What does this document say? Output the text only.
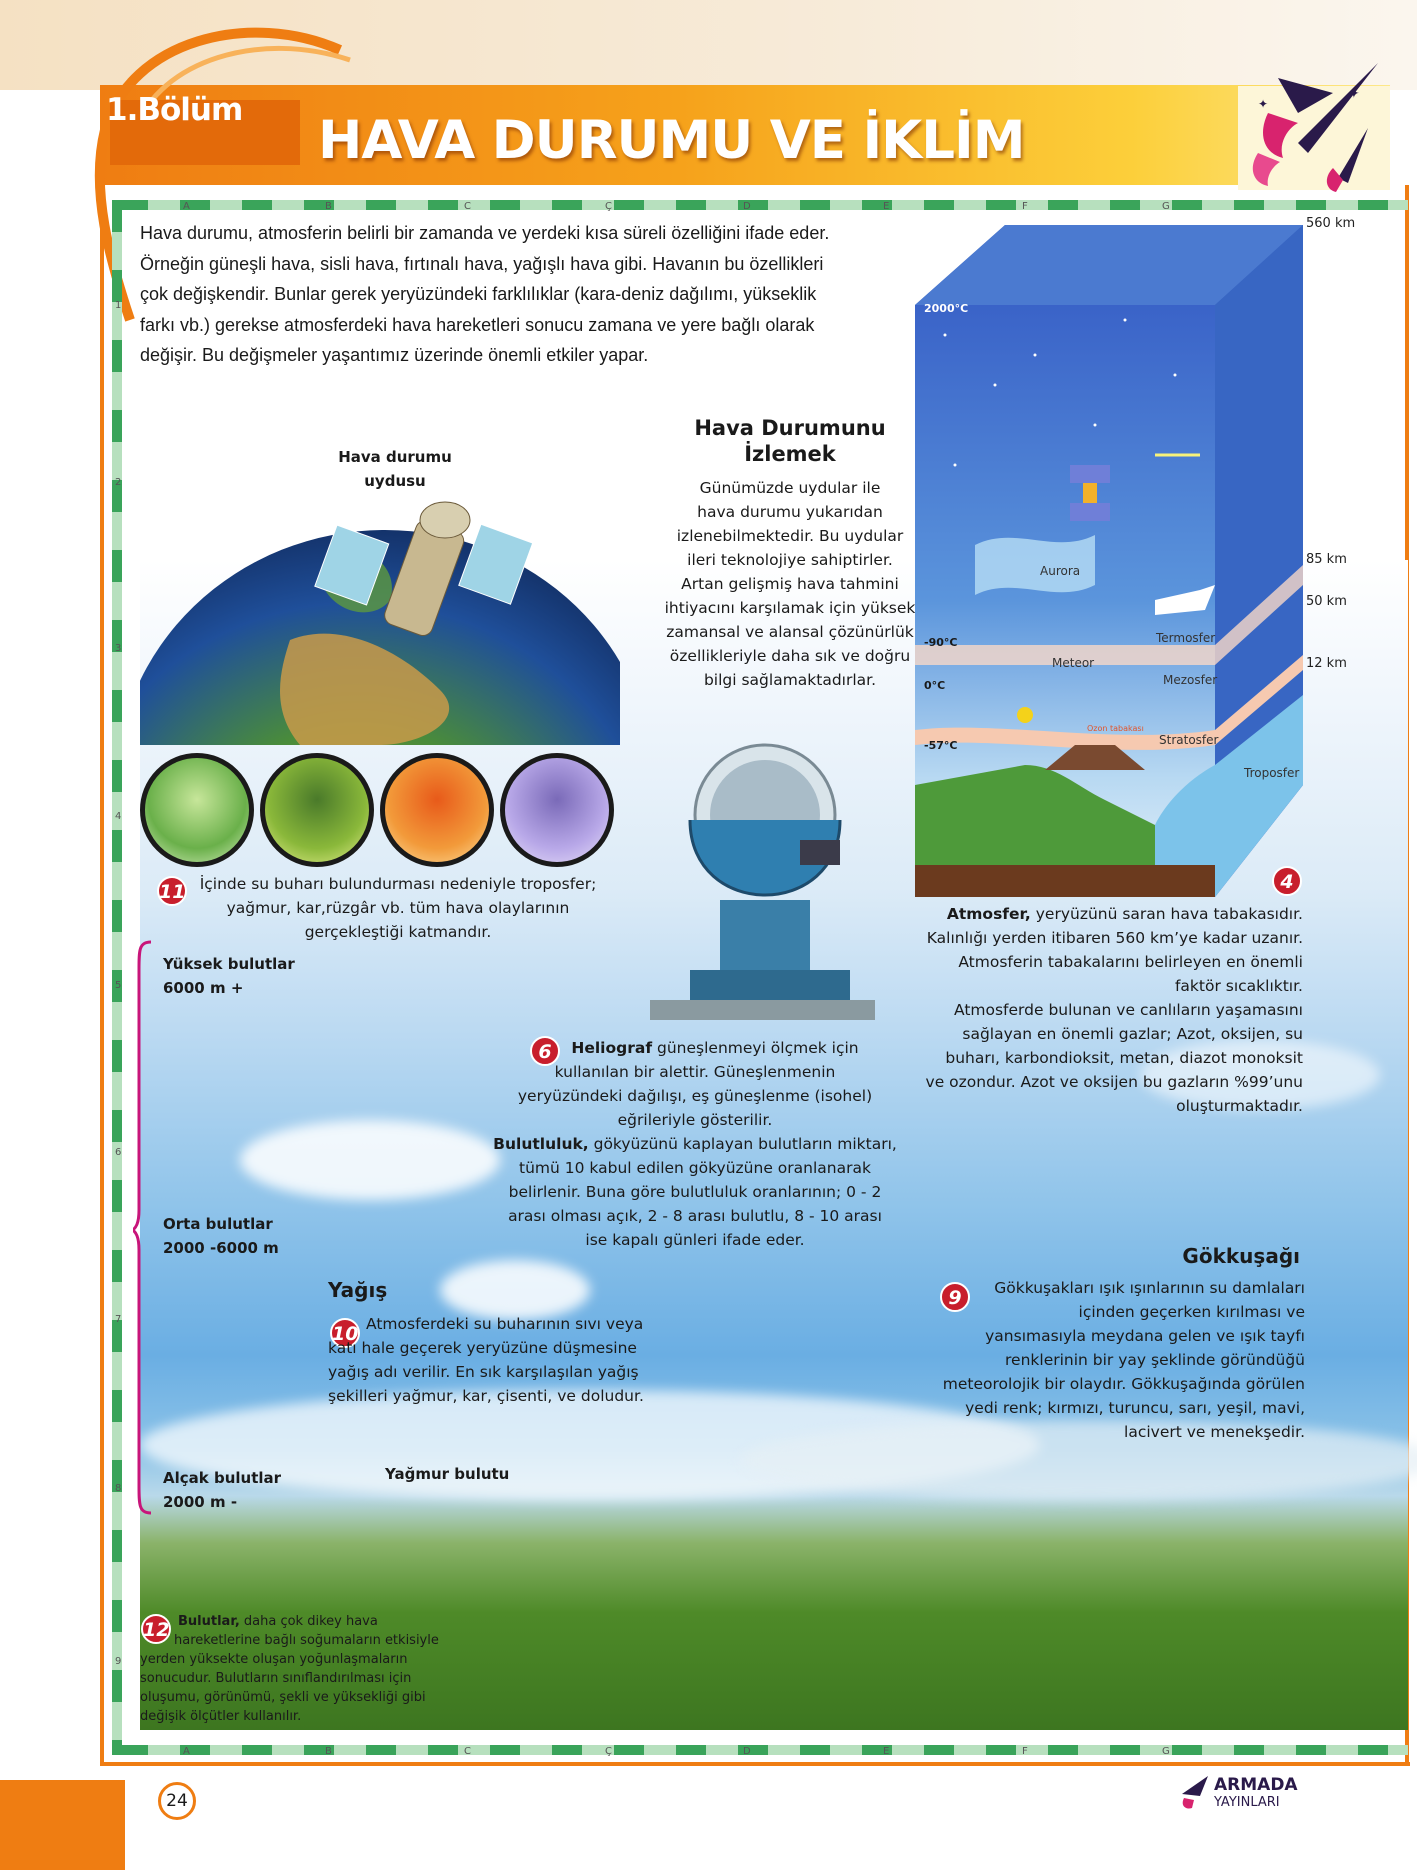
1.Bölüm HAVA DURUMU VE İKLİM
✦
✦
Hava durumu, atmosferin belirli bir zamanda ve yerdeki kısa süreli özelliğini ifade eder. Örneğin güneşli hava, sisli hava, fırtınalı hava, yağışlı hava gibi. Havanın bu özellikleri çok değişkendir. Bunlar gerek yeryüzündeki farklılıklar (kara-deniz dağılımı, yükseklik farkı vb.) gerekse atmosferdeki hava hareketleri sonucu zamana ve yere bağlı olarak değişir. Bu değişmeler yaşantımız üzerinde önemli etkiler yapar.
Hava durumu
uydusu
Hava Durumunu
İzlemek
Günümüzde uydular ile
hava durumu yukarıdan
izlenebilmektedir. Bu uydular
ileri teknolojiye sahiptirler.
Artan gelişmiş hava tahmini
ihtiyacını karşılamak için yüksek
zamansal ve alansal çözünürlük
özellikleriyle daha sık ve doğru
bilgi sağlamaktadırlar.
11 İçinde su buharı bulundurması nedeniyle troposfer;
yağmur, kar,rüzgâr vb. tüm hava olaylarının
gerçekleştiği katmandır.
6	Heliograf güneşlenmeyi ölçmek için
kullanılan bir alettir. Güneşlenmenin
yeryüzündeki dağılışı, eş güneşlenme (isohel)
eğrileriyle gösterilir.
Bulutluluk, gökyüzünü kaplayan bulutların miktarı,
tümü 10 kabul edilen gökyüzüne oranlanarak
belirlenir. Buna göre bulutluluk oranlarının; 0 - 2
arası olması açık, 2 - 8 arası bulutlu, 8 - 10 arası
ise kapalı günleri ifade eder.
Yüksek bulutlar
6000 m +
Orta bulutlar
2000 -6000 m
Alçak bulutlar
2000 m -
Yağmur bulutu
Yağış
10 Atmosferdeki su buharının sıvı veya
katı hale geçerek yeryüzüne düşmesine
yağış adı verilir. En sık karşılaşılan yağış
şekilleri yağmur, kar, çisenti, ve doludur.
Gökkuşağı
9	Gökkuşakları ışık ışınlarının su damlaları
içinden geçerken kırılması ve
yansımasıyla meydana gelen ve ışık tayfı
renklerinin bir yay şeklinde göründüğü
meteorolojik bir olaydır. Gökkuşağında görülen
yedi renk; kırmızı, turuncu, sarı, yeşil, mavi,
lacivert ve menekşedir.
4
Atmosfer, yeryüzünü saran hava tabakasıdır.
Kalınlığı yerden itibaren 560 km’ye kadar uzanır.
Atmosferin tabakalarını belirleyen en önemli
faktör sıcaklıktır.
Atmosferde bulunan ve canlıların yaşamasını
sağlayan en önemli gazlar; Azot, oksijen, su
buharı, karbondioksit, metan, diazot monoksit
ve ozondur. Azot ve oksijen bu gazların %99’unu
oluşturmaktadır.
12 Bulutlar, daha çok dikey hava
hareketlerine bağlı soğumaların etkisiyle
yerden yüksekte oluşan yoğunlaşmaların
sonucudur. Bulutların sınıflandırılması için
oluşumu, görünümü, şekli ve yüksekliği gibi
değişik ölçütler kullanılır.
24
ARMADA
YAYINLARI
A
A
B
B
C
C
Ç
Ç
D
D
E
E
F
F
G
G
1
2
3
4
5
6
7
8
9
560 km
85 km
50 km
12 km
2000°C
-90°C
0°C
-57°C
Termosfer
Mezosfer
Stratosfer
Troposfer
Aurora
Meteor
Ozon tabakası
